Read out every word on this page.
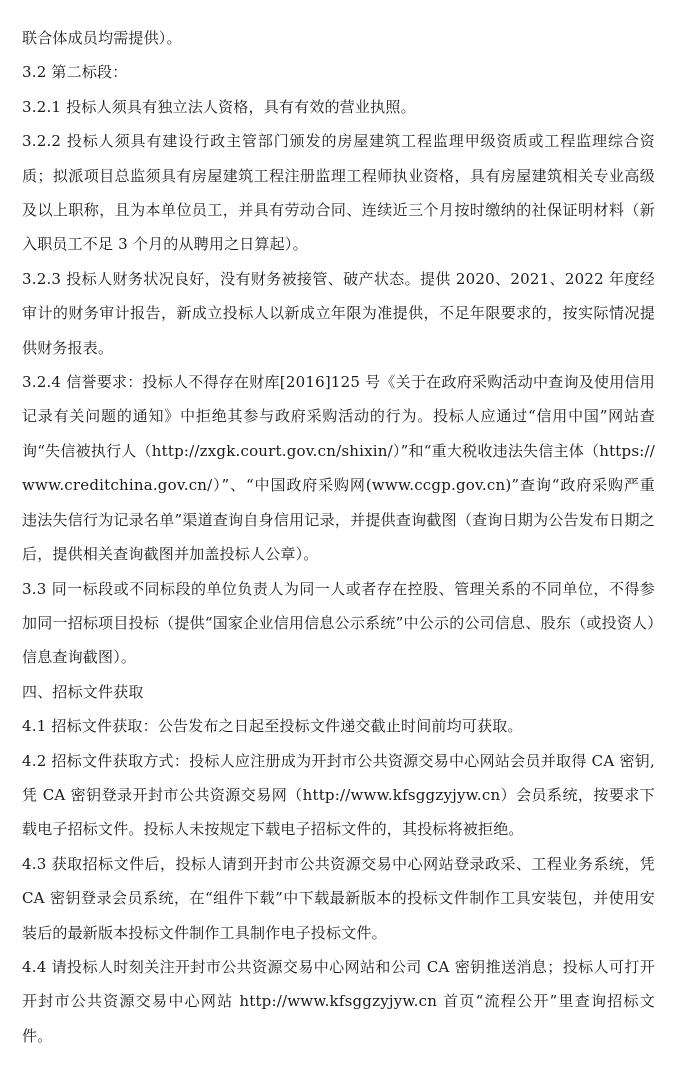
联合体成员均需提供）。

3.2 第二标段：

3.2.1 投标人须具有独立法人资格，具有有效的营业执照。

3.2.2 投标人须具有建设行政主管部门颁发的房屋建筑工程监理甲级资质或工程监理综合资质；拟派项目总监须具有房屋建筑工程注册监理工程师执业资格，具有房屋建筑相关专业高级及以上职称，且为本单位员工，并具有劳动合同、连续近三个月按时缴纳的社保证明材料（新入职员工不足 3 个月的从聘用之日算起）。

3.2.3 投标人财务状况良好，没有财务被接管、破产状态。提供 2020、2021、2022 年度经审计的财务审计报告，新成立投标人以新成立年限为准提供，不足年限要求的，按实际情况提供财务报表。

3.2.4 信誉要求：投标人不得存在财库[2016]125 号《关于在政府采购活动中查询及使用信用记录有关问题的通知》中拒绝其参与政府采购活动的行为。投标人应通过“信用中国”网站查询“失信被执行人（http://zxgk.court.gov.cn/shixin/）”和“重大税收违法失信主体（https://www.creditchina.gov.cn/）”、“中国政府采购网(www.ccgp.gov.cn)”查询“政府采购严重违法失信行为记录名单”渠道查询自身信用记录，并提供查询截图（查询日期为公告发布日期之后，提供相关查询截图并加盖投标人公章）。

3.3 同一标段或不同标段的单位负责人为同一人或者存在控股、管理关系的不同单位，不得参加同一招标项目投标（提供“国家企业信用信息公示系统”中公示的公司信息、股东（或投资人）信息查询截图）。

四、招标文件获取

4.1 招标文件获取：公告发布之日起至投标文件递交截止时间前均可获取。

4.2 招标文件获取方式：投标人应注册成为开封市公共资源交易中心网站会员并取得 CA 密钥,凭 CA 密钥登录开封市公共资源交易网（http://www.kfsggzyjyw.cn）会员系统，按要求下载电子招标文件。投标人未按规定下载电子招标文件的，其投标将被拒绝。

4.3 获取招标文件后，投标人请到开封市公共资源交易中心网站登录政采、工程业务系统，凭 CA 密钥登录会员系统，在“组件下载”中下载最新版本的投标文件制作工具安装包，并使用安装后的最新版本投标文件制作工具制作电子投标文件。

4.4 请投标人时刻关注开封市公共资源交易中心网站和公司 CA 密钥推送消息；投标人可打开开封市公共资源交易中心网站 http://www.kfsggzyjyw.cn 首页“流程公开”里查询招标文件。
